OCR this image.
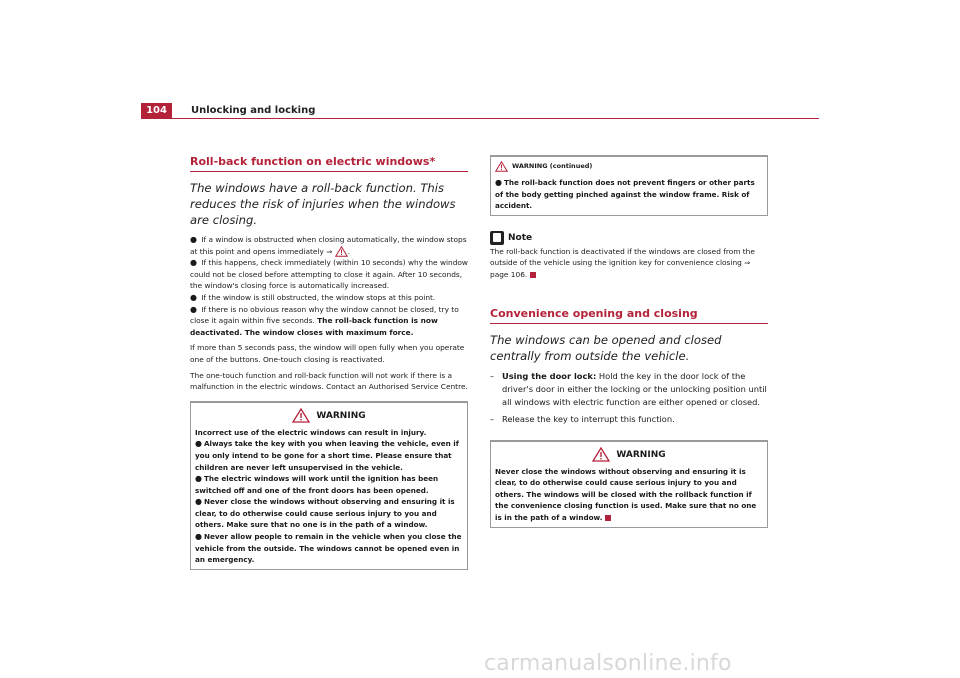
104	Unlocking and locking
Roll-back function on electric windows*

The windows have a roll-back function. This reduces the risk of injuries when the windows are closing.

● If a window is obstructed when closing automatically, the window stops at this point and opens immediately ⇒ .

● If this happens, check immediately (within 10 seconds) why the window could not be closed before attempting to close it again. After 10 seconds, the window's closing force is automatically increased.

● If the window is still obstructed, the window stops at this point.

● If there is no obvious reason why the window cannot be closed, try to close it again within five seconds. The roll-back function is now deactivated. The window closes with maximum force.

If more than 5 seconds pass, the window will open fully when you operate one of the buttons. One-touch closing is reactivated.

The one-touch function and roll-back function will not work if there is a malfunction in the electric windows. Contact an Authorised Service Centre.

WARNING

Incorrect use of the electric windows can result in injury.

● Always take the key with you when leaving the vehicle, even if you only intend to be gone for a short time. Please ensure that children are never left unsupervised in the vehicle.

● The electric windows will work until the ignition has been switched off and one of the front doors has been opened.

● Never close the windows without observing and ensuring it is clear, to do otherwise could cause serious injury to you and others. Make sure that no one is in the path of a window.

● Never allow people to remain in the vehicle when you close the vehicle from the outside. The windows cannot be opened even in an emergency.

WARNING (continued)

● The roll-back function does not prevent fingers or other parts of the body getting pinched against the window frame. Risk of accident.

Note

The roll-back function is deactivated if the windows are closed from the outside of the vehicle using the ignition key for convenience closing ⇒ page 106.

Convenience opening and closing

The windows can be opened and closed centrally from outside the vehicle.

– Using the door lock: Hold the key in the door lock of the driver's door in either the locking or the unlocking position until all windows with electric function are either opened or closed.
– Release the key to interrupt this function.
WARNING

Never close the windows without observing and ensuring it is clear, to do otherwise could cause serious injury to you and others. The windows will be closed with the rollback function if the convenience closing function is used. Make sure that no one is in the path of a window.

carmanualsonline.info
